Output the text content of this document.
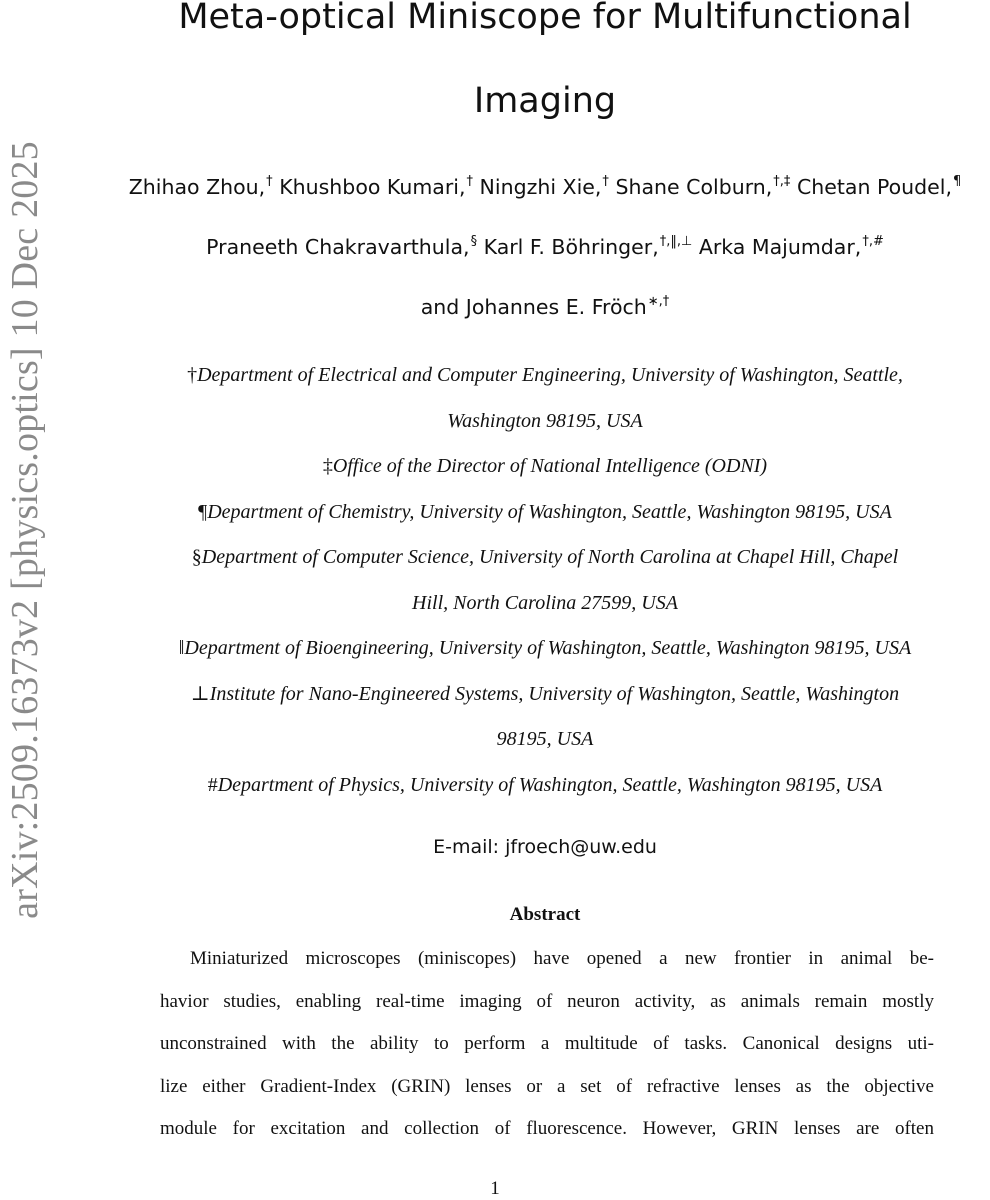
arXiv:2509.16373v2 [physics.optics] 10 Dec 2025
Meta-optical Miniscope for Multifunctional
Imaging
Zhihao Zhou,† Khushboo Kumari,† Ningzhi Xie,† Shane Colburn,†,‡ Chetan Poudel,¶ Praneeth Chakravarthula,§ Karl F. Böhringer,†,‖,⊥ Arka Majumdar,†,#
and Johannes E. Fröch∗,†
†Department of Electrical and Computer Engineering, University of Washington, Seattle,
Washington 98195, USA
‡Office of the Director of National Intelligence (ODNI)
¶Department of Chemistry, University of Washington, Seattle, Washington 98195, USA
§Department of Computer Science, University of North Carolina at Chapel Hill, Chapel
Hill, North Carolina 27599, USA
‖Department of Bioengineering, University of Washington, Seattle, Washington 98195, USA
⊥Institute for Nano-Engineered Systems, University of Washington, Seattle, Washington
98195, USA
#Department of Physics, University of Washington, Seattle, Washington 98195, USA
E-mail: jfroech@uw.edu
Abstract
Miniaturized microscopes (miniscopes) have opened a new frontier in animal be-
havior studies, enabling real-time imaging of neuron activity, as animals remain mostly
unconstrained with the ability to perform a multitude of tasks. Canonical designs uti-
lize either Gradient-Index (GRIN) lenses or a set of refractive lenses as the objective
module for excitation and collection of fluorescence. However, GRIN lenses are often
1
